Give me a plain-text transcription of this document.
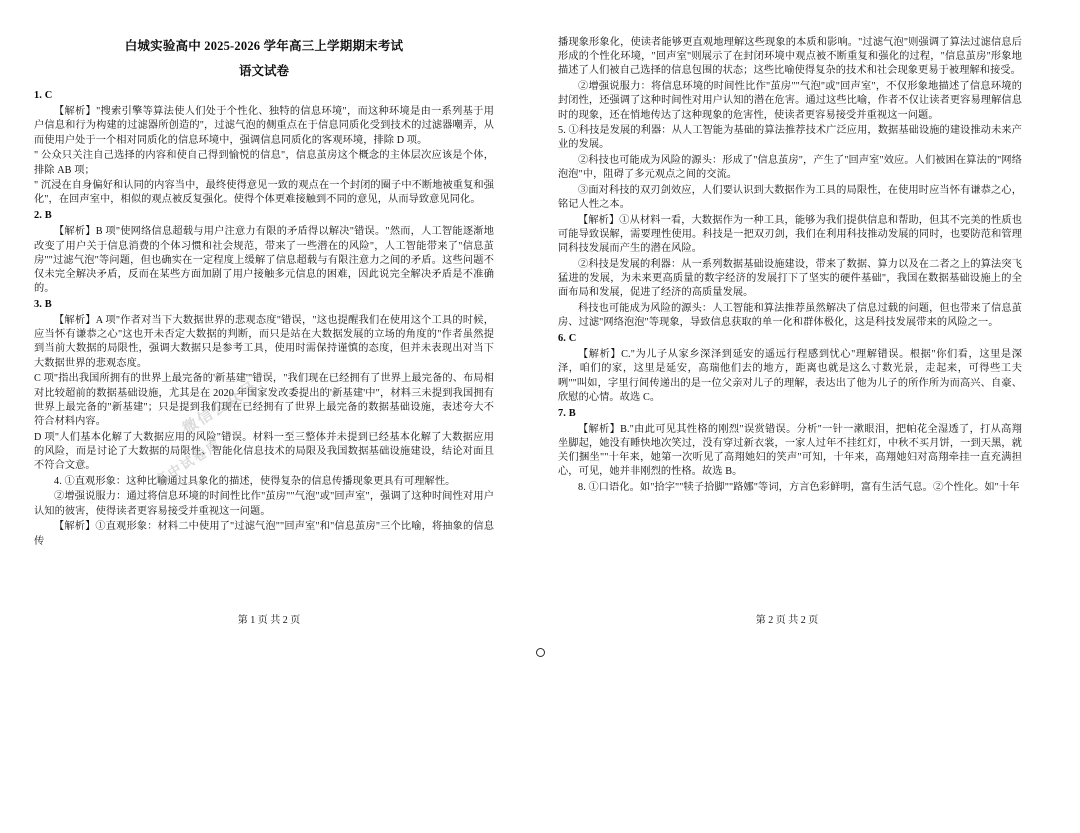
白城实验高中 2025-2026 学年高三上学期期末考试
语文试卷

1. C

【解析】"搜索引擎等算法使人们处于个性化、独特的信息环境"，而这种环境是由一系列基于用户信息和行为构建的过滤器所创造的"，过滤气泡的侧重点在于信息同质化受到技术的过滤器嘲弄，从而使用户处于一个相对同质化的信息环境中，强调信息同质化的客观环境，排除 D 项。

" 公众只关注自己选择的内容和使自己得到愉悦的信息"，信息茧房这个概念的主体层次应该是个体，排除 AB 项；

" 沉浸在自身偏好和认同的内容当中，最终使得意见一致的观点在一个封闭的圈子中不断地被重复和强化"，在回声室中，相似的观点被反复强化。使得个体更难接触到不同的意见，从而导致意见同化。

2. B

【解析】B 项"使网络信息超载与用户注意力有限的矛盾得以解决"错误。"然而，人工智能逐渐地改变了用户关于信息消费的个体习惯和社会规范，带来了一些潜在的风险"，人工智能带来了"信息茧房""过滤气泡"等问题，但也确实在一定程度上缓解了信息超载与有限注意力之间的矛盾。这些问题不仅未完全解决矛盾，反而在某些方面加剧了用户接触多元信息的困难，因此说完全解决矛盾是不准确的。

3. B

【解析】A 项"作者对当下大数据世界的悲观态度"错误，"这也提醒我们在使用这个工具的时候，应当怀有谦恭之心"这也开未否定大数据的判断，而只是站在大数据发展的立场的角度的"作者虽然提到当前大数据的局限性，强调大数据只是参考工具，使用时需保持谨慎的态度，但并未表现出对当下大数据世界的悲观态度。

C 项"指出我国所拥有的世界上最完备的'新基建'"错误，"我们现在已经拥有了世界上最完备的、布局相对比较超前的数据基础设施，尤其是在 2020 年国家发改委提出的'新基建'中"，材料三未提到我国拥有世界上最完备的"新基建"；只是提到我们现在已经拥有了世界上最完备的数据基础设施，表述夸大不符合材料内容。

D 项"人们基本化解了大数据应用的风险"错误。材料一至三整体并未提到已经基本化解了大数据应用的风险，而是讨论了大数据的局限性、智能化信息技术的局限及我国数据基础设施建设，结论对面且不符合文意。

4. ①直观形象：这种比喻通过具象化的描述，使得复杂的信息传播现象更具有可理解性。

②增强说服力：通过将信息环境的时间性比作"茧房""气泡"或"回声室"，强调了这种时间性对用户认知的彼害，使得读者更容易接受并重视这一问题。

【解析】①直观形象：材料二中使用了"过滤气泡""回声室"和"信息茧房"三个比喻，将抽象的信息传

第 1 页 共 2 页

播现象形象化，使读者能够更直观地理解这些现象的本质和影响。"过滤气泡"则强调了算法过滤信息后形成的个性化环境，"回声室"则展示了在封闭环境中观点被不断重复和强化的过程，"信息茧房"形象地描述了人们被自己选择的信息包围的状态；这些比喻使得复杂的技术和社会现象更易于被理解和接受。

②增强说服力：将信息环境的时间性比作"茧房""气泡"或"回声室"，不仅形象地描述了信息环境的封闭性，还强调了这种时间性对用户认知的潜在危害。通过这些比喻，作者不仅让读者更容易理解信息时的现象，还在悄地传达了这种现象的危害性，使读者更容易接受并重视这一问题。

5. ①科技是发展的利器：从人工智能为基础的算法推荐技术广泛应用，数据基础设施的建设推动未来产业的发展。

②科技也可能成为风险的源头：形成了"信息茧房"，产生了"回声室"效应。人们被困在算法的"网络泡泡"中，阻碍了多元观点之间的交流。

③面对科技的双刃剑效应，人们要认识到大数据作为工具的局限性，在使用时应当怀有谦恭之心，铭记人性之本。

【解析】①从材料一看，大数据作为一种工具，能够为我们提供信息和帮助，但其不完美的性质也可能导致误解，需要理性使用。科技是一把双刃剑，我们在利用科技推动发展的同时，也要防范和管理同科技发展而产生的潜在风险。

②科技是发展的利器：从一系列数据基础设施建设，带来了数据、算力以及在二者之上的算法突飞猛进的发展，为未来更高质量的数字经济的发展打下了坚实的硬件基础"，我国在数据基础设施上的全面布局和发展，促进了经济的高质量发展。

科技也可能成为风险的源头：人工智能和算法推荐虽然解决了信息过载的问题，但也带来了信息茧房、过滤"网络泡泡"等现象，导致信息获取的单一化和群体极化，这是科技发展带来的风险之一。

6. C

【解析】C."为儿子从家乡深泽到延安的遥远行程感到忧心"理解错误。根据"你们看，这里是深泽，咱们的家，这里是延安，高瑞他们去的地方，距离也就是这么寸数光景，走起来，可得些工夫咧""叫如，字里行间传递出的是一位父亲对儿子的理解，表达出了他为儿子的所作所为而高兴、自豪、欣慰的心情。故选 C。

7. B

【解析】B."由此可见其性格的刚烈"误赏错误。分析"一针一漱眼泪，把帕花全湿透了，打从高翔坐脚起，她没有睡快地次笑过，没有穿过新衣裳，一家人过年不挂红灯，中秋不买月饼，一到天黑，就关们捆坐""十年来，她第一次听见了高翔她妇的笑声"可知，十年来，高翔她妇对高翔牵挂一直充满担心，可见，她并非刚烈的性格。故选 B。

8. ①口语化。如"拾字""犊子拾脚""路娜"等词，方言色彩鲜明，富有生活气息。②个性化。如"十年

第 2 页 共 2 页
微信公众号：
高中试卷库
